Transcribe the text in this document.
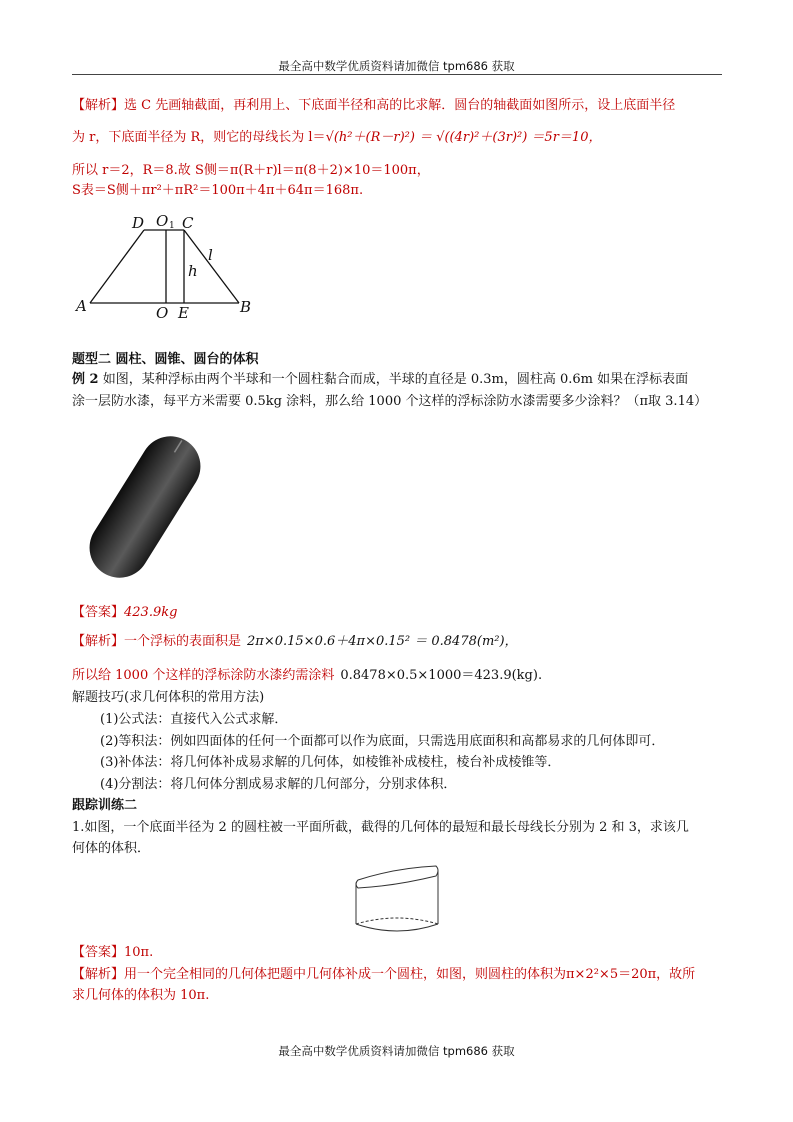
最全高中数学优质资料请加微信 tpm686 获取
【解析】选 C 先画轴截面，再利用上、下底面半径和高的比求解．圆台的轴截面如图所示，设上底面半径
为 r，下底面半径为 R，则它的母线长为 l＝√(h²＋(R－r)²) ＝ √((4r)²＋(3r)²) ＝5r＝10，
所以 r＝2，R＝8.故 S侧＝π(R＋r)l＝π(8＋2)×10＝100π，
S表＝S侧＋πr²＋πR²＝100π＋4π＋64π＝168π.
D O 1 C
l
h
A	O E	B
题型二 圆柱、圆锥、圆台的体积
例 2 如图，某种浮标由两个半球和一个圆柱黏合而成，半球的直径是 0.3m，圆柱高 0.6m 如果在浮标表面
涂一层防水漆，每平方米需要 0.5kg 涂料，那么给 1000 个这样的浮标涂防水漆需要多少涂料？（π取 3.14）
【答案】423.9kg
【解析】一个浮标的表面积是 2π×0.15×0.6＋4π×0.15² ＝ 0.8478(m²)，
所以给 1000 个这样的浮标涂防水漆约需涂料 0.8478×0.5×1000＝423.9(kg).
解题技巧(求几何体积的常用方法)
(1)公式法：直接代入公式求解．
(2)等积法：例如四面体的任何一个面都可以作为底面，只需选用底面积和高都易求的几何体即可．
(3)补体法：将几何体补成易求解的几何体，如棱锥补成棱柱，棱台补成棱锥等．
(4)分割法：将几何体分割成易求解的几何部分，分别求体积．
跟踪训练二
1.如图，一个底面半径为 2 的圆柱被一平面所截，截得的几何体的最短和最长母线长分别为 2 和 3，求该几
何体的体积．
【答案】10π.
【解析】用一个完全相同的几何体把题中几何体补成一个圆柱，如图，则圆柱的体积为π×2²×5＝20π，故所
求几何体的体积为 10π.
最全高中数学优质资料请加微信 tpm686 获取
